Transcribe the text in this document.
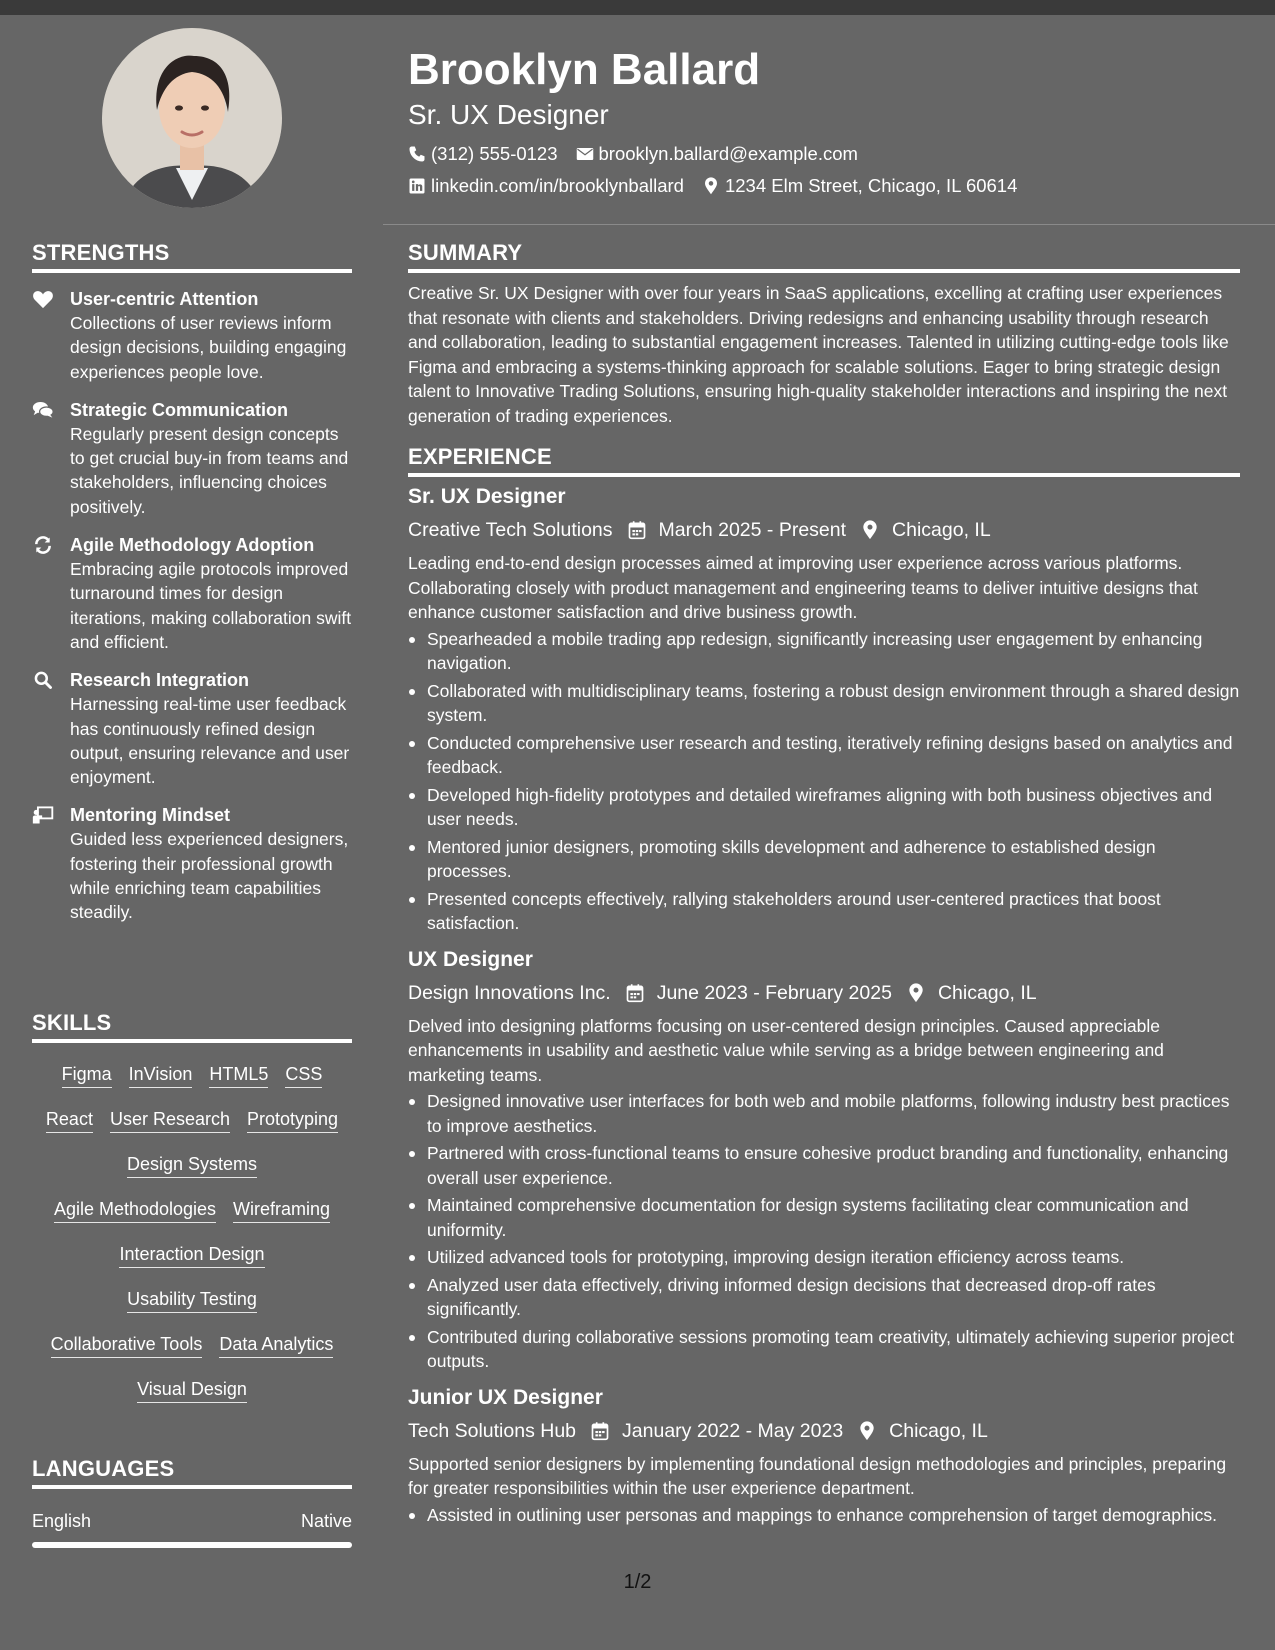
STRENGTHS
User-centric Attention
Collections of user reviews inform design decisions, building engaging experiences people love.
Strategic Communication
Regularly present design concepts to get crucial buy-in from teams and stakeholders, influencing choices positively.
Agile Methodology Adoption
Embracing agile protocols improved turnaround times for design iterations, making collaboration swift and efficient.
Research Integration
Harnessing real-time user feedback has continuously refined design output, ensuring relevance and user enjoyment.
Mentoring Mindset
Guided less experienced designers, fostering their professional growth while enriching team capabilities steadily.
SKILLS
Figma InVision HTML5 CSS
React User Research Prototyping
Design Systems
Agile Methodologies Wireframing
Interaction Design
Usability Testing
Collaborative Tools Data Analytics
Visual Design
LANGUAGES
English	Native
Brooklyn Ballard
Sr. UX Designer
(312) 555-0123 brooklyn.ballard@example.com
linkedin.com/in/brooklynballard 1234 Elm Street, Chicago, IL 60614
SUMMARY

Creative Sr. UX Designer with over four years in SaaS applications, excelling at crafting user experiences that resonate with clients and stakeholders. Driving redesigns and enhancing usability through research and collaboration, leading to substantial engagement increases. Talented in utilizing cutting-edge tools like Figma and embracing a systems-thinking approach for scalable solutions. Eager to bring strategic design talent to Innovative Trading Solutions, ensuring high-quality stakeholder interactions and inspiring the next generation of trading experiences.

EXPERIENCE
Sr. UX Designer
Creative Tech Solutions March 2025 - Present Chicago, IL
Leading end-to-end design processes aimed at improving user experience across various platforms. Collaborating closely with product management and engineering teams to deliver intuitive designs that enhance customer satisfaction and drive business growth.
Spearheaded a mobile trading app redesign, significantly increasing user engagement by enhancing navigation.
Collaborated with multidisciplinary teams, fostering a robust design environment through a shared design system.
Conducted comprehensive user research and testing, iteratively refining designs based on analytics and feedback.
Developed high-fidelity prototypes and detailed wireframes aligning with both business objectives and user needs.
Mentored junior designers, promoting skills development and adherence to established design processes.
Presented concepts effectively, rallying stakeholders around user-centered practices that boost satisfaction.
UX Designer
Design Innovations Inc. June 2023 - February 2025 Chicago, IL
Delved into designing platforms focusing on user-centered design principles. Caused appreciable enhancements in usability and aesthetic value while serving as a bridge between engineering and marketing teams.
Designed innovative user interfaces for both web and mobile platforms, following industry best practices to improve aesthetics.
Partnered with cross-functional teams to ensure cohesive product branding and functionality, enhancing overall user experience.
Maintained comprehensive documentation for design systems facilitating clear communication and uniformity.
Utilized advanced tools for prototyping, improving design iteration efficiency across teams.
Analyzed user data effectively, driving informed design decisions that decreased drop-off rates significantly.
Contributed during collaborative sessions promoting team creativity, ultimately achieving superior project outputs.
Junior UX Designer
Tech Solutions Hub January 2022 - May 2023 Chicago, IL
Supported senior designers by implementing foundational design methodologies and principles, preparing for greater responsibilities within the user experience department.
Assisted in outlining user personas and mappings to enhance comprehension of target demographics.
1/2
